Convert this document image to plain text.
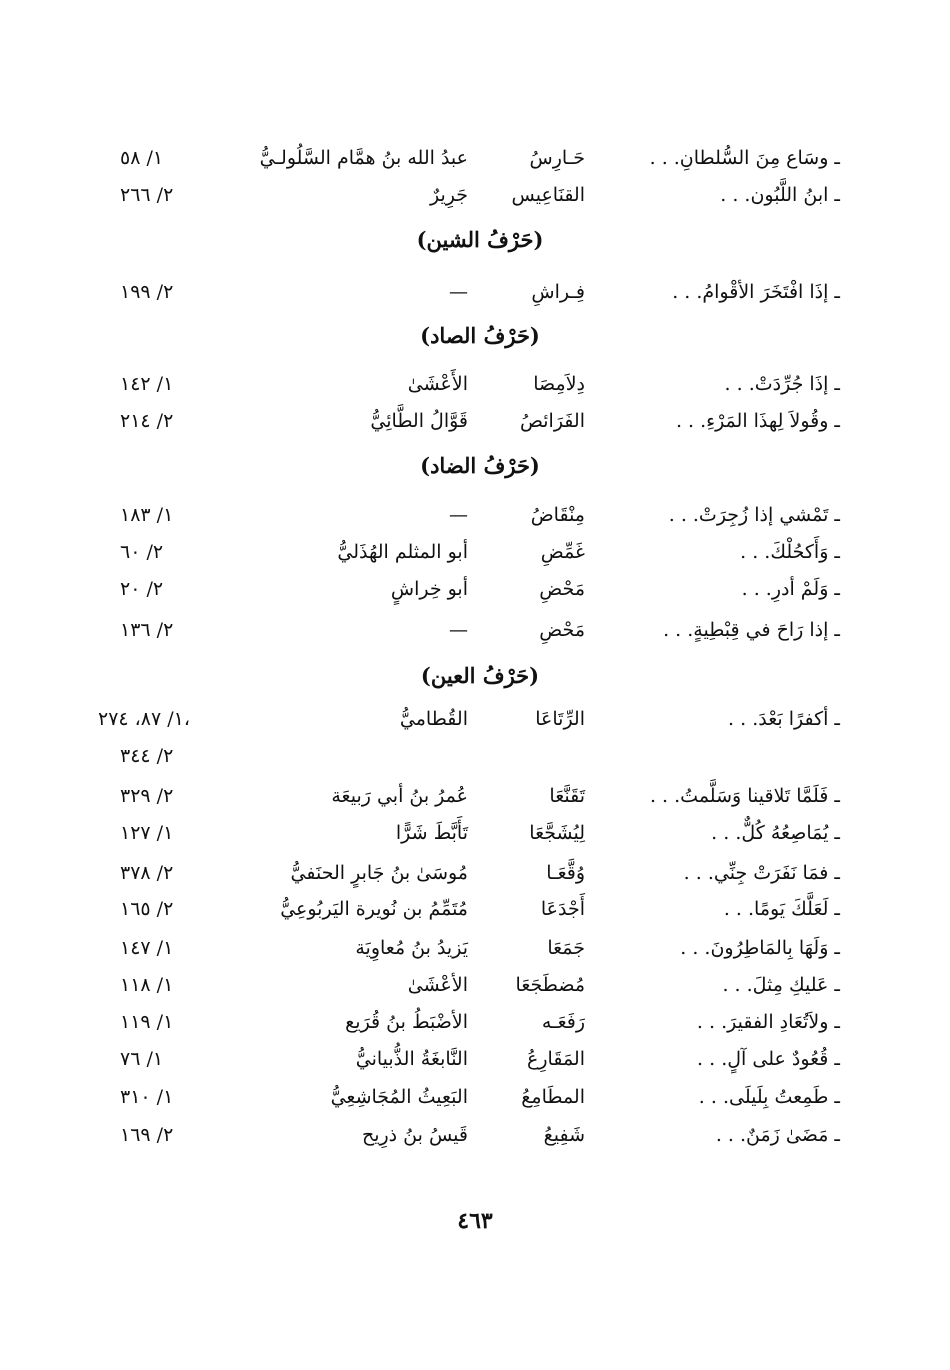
ـ وسَاع مِنَ السُّلطانِ. . .
حَـارِسُ
عبدُ الله بنُ همَّام السَّلُولـيُّ
١/ ٥٨
ـ ابنُ اللَّبُون. . .
القنَاعِيس
جَرِيرٌ
٢/ ٢٦٦
(حَرْفُ الشين)
ـ إذَا افْتَخَرَ الأقْوامُ. . .
فِـراشِ
—
٢/ ١٩٩
(حَرْفُ الصاد)
ـ إذَا جُرِّدَتْ. . .
دِلاَمِصَا
الأَعْشَىٰ
١/ ١٤٢
ـ وقُولاَ لِهذَا المَرْءِ. . .
الفَرَائصُ
قَوَّالُ الطَّائِيُّ
٢/ ٢١٤
(حَرْفُ الضاد)
ـ تَمْشي إذا زُجِرَتْ. . .
مِنْقَاضُ
—
١/ ١٨٣
ـ وَأَكحُلْكَ. . .
غَمِّضِ
أبو المثلم الهُذَليُّ
٢/ ٦٠
ـ وَلَمْ أدرِ. . .
مَحْضِ
أبو خِراشٍ
٢/ ٢٠
ـ إذا رَاحَ في قِبْطِيةٍ. . .
مَحْضِ
—
٢/ ١٣٦
(حَرْفُ العين)
ـ أكفرًا بَعْدَ. . .
الرِّتَاعَا
القُطاميُّ
١/ ٨٧، ٢٧٤،
٢/ ٣٤٤
ـ فَلَمَّا تَلاقينا وَسَلَّمتُ. . .
تَقَنَّعَا
عُمرُ بنُ أبي رَبيعَة
٢/ ٣٢٩
ـ يُمَاصِعُهُ كُلٌّ. . .
لِيُشَجَّعَا
تَأَبَّطَ شَرًّا
١/ ١٢٧
ـ فمَا نَفَرَتْ جِنِّي. . .
وُقَّعَـا
مُوسَىٰ بنُ جَابرٍ الحنَفيُّ
٢/ ٣٧٨
ـ لَعَلَّكَ يَومًا. . .
أَجْدَعَا
مُتَمِّمُ بن نُويرة اليَربُوعِيُّ
٢/ ١٦٥
ـ وَلَهَا بِالمَاطِرُونَ. . .
جَمَعَا
يَزيدُ بنُ مُعاوِيَة
١/ ١٤٧
ـ عَليكِ مِثلَ. . .
مُضطَجَعَا
الأعْشَىٰ
١/ ١١٨
ـ ولاَتُعَادِ الفقيرَ. . .
رَفَعَـه
الأضْبَطُ بنُ قُرَيع
١/ ١١٩
ـ قُعُودٌ على آلٍ. . .
المَقَارِعُ
النَّابغَةُ الذُّبيانيُّ
١/ ٧٦
ـ طَمِعتُ بِلَيلَى. . .
المطَامِعُ
البَعِيثُ المُجَاشِعِيُّ
١/ ٣١٠
ـ مَضَىٰ زَمَنٌ. . .
شَفِيعُ
قَيسُ بنُ ذرِيح
٢/ ١٦٩
٤٦٣
